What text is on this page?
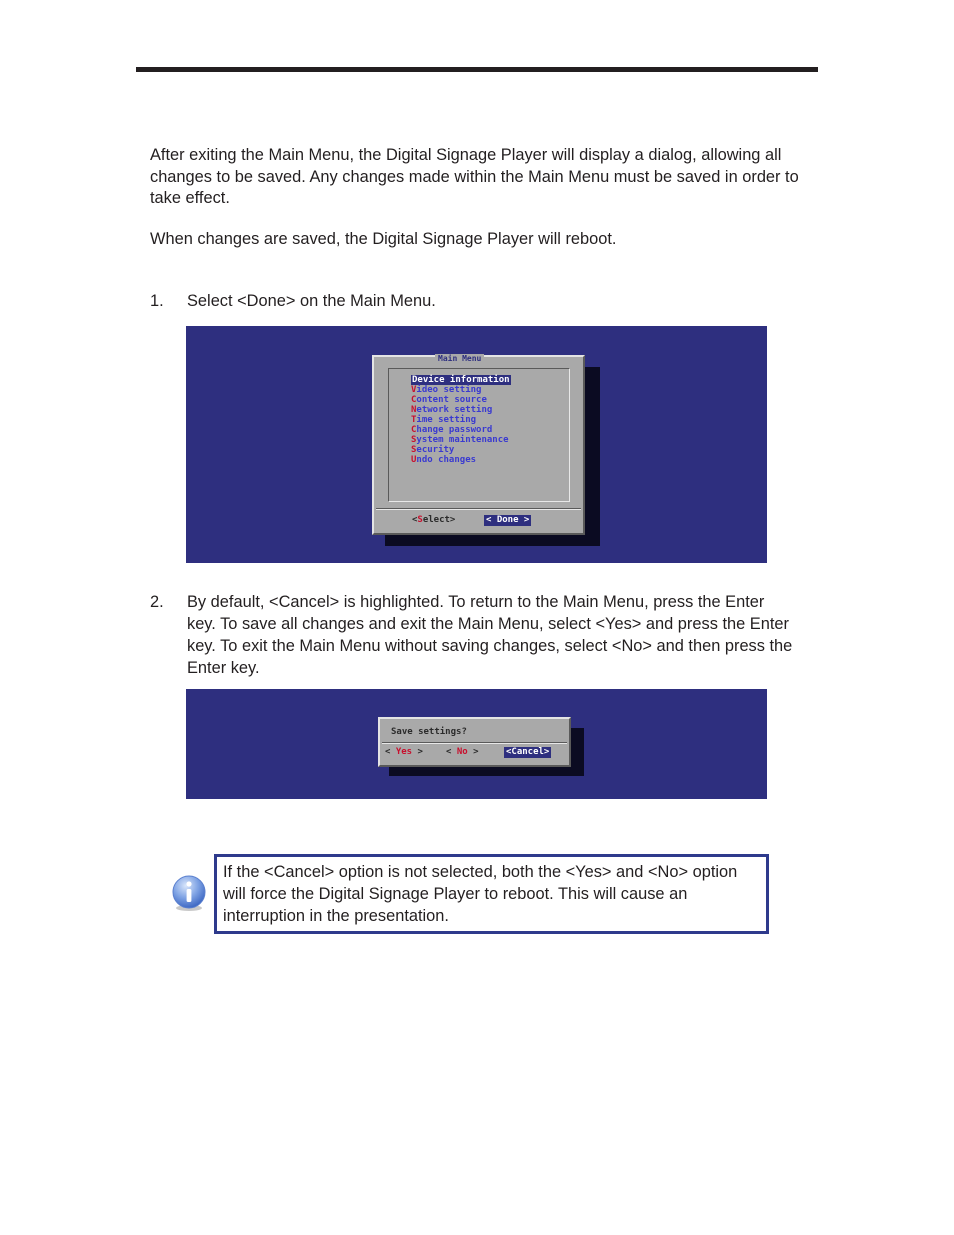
After exiting the Main Menu, the Digital Signage Player will display a dialog, allowing all changes to be saved. Any changes made within the Main Menu must be saved in order to take effect.

When changes are saved, the Digital Signage Player will reboot.

1. Select <Done> on the Main Menu.
Main Menu
Device information
Video setting
Content source
Network setting
Time setting
Change password
System maintenance
Security
Undo changes
<Select>	< Done >
2. By default, <Cancel> is highlighted. To return to the Main Menu, press the Enter key. To save all changes and exit the Main Menu, select <Yes> and press the Enter key. To exit the Main Menu without saving changes, select <No> and then press the Enter key.
Save settings?
< Yes >	< No >	<Cancel>
If the <Cancel> option is not selected, both the <Yes> and <No> option will force the Digital Signage Player to reboot. This will cause an interruption in the presentation.
